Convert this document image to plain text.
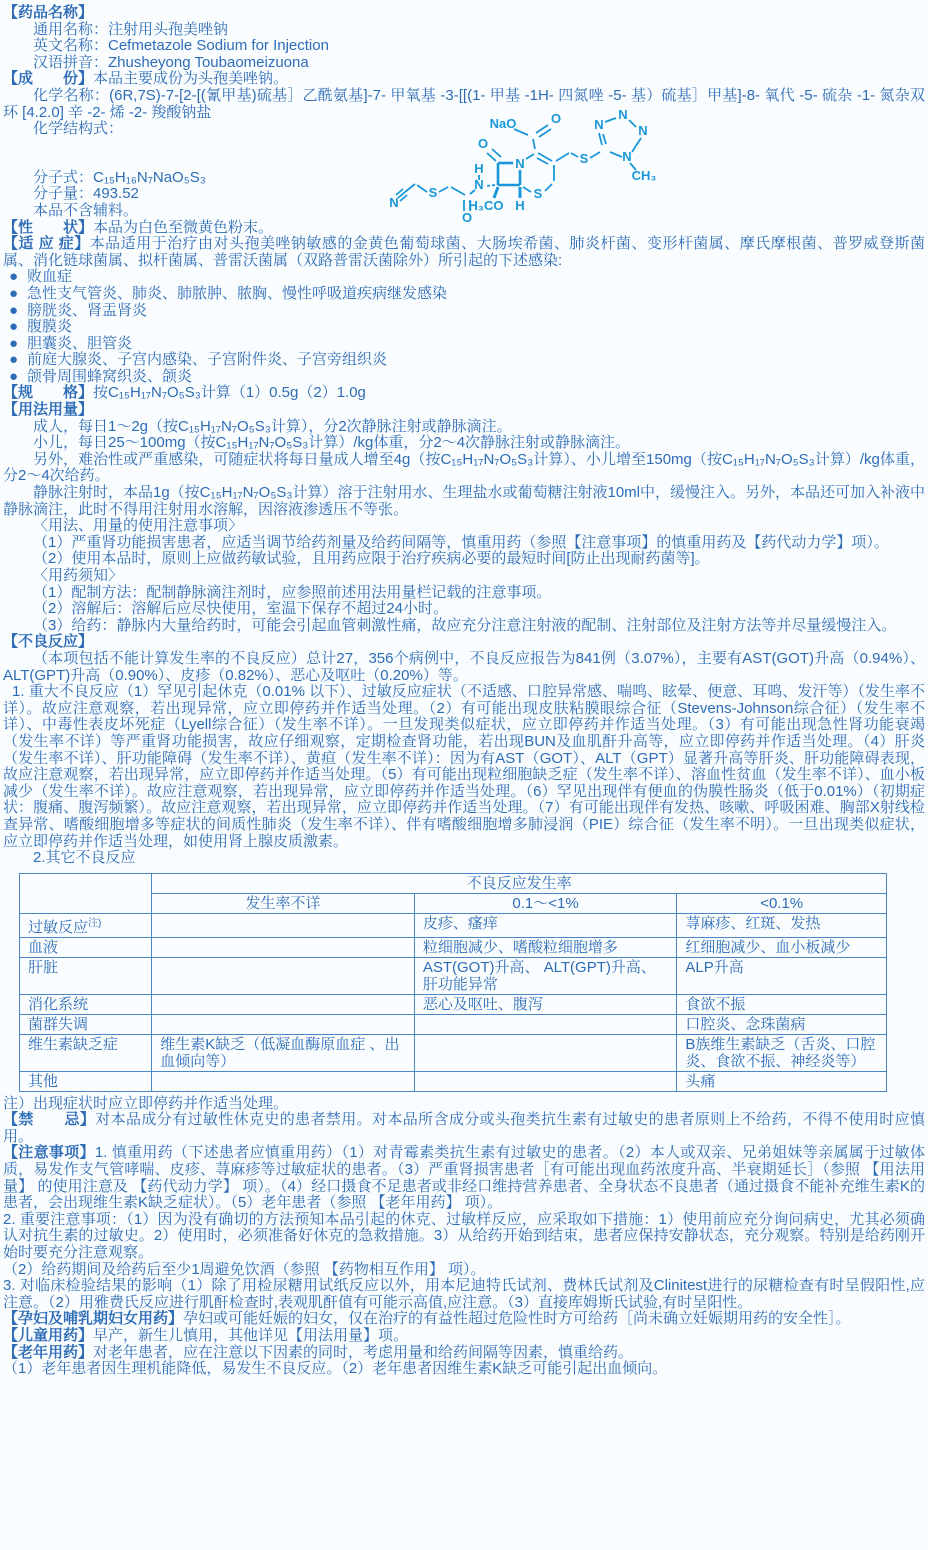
【药品名称】
通用名称：注射用头孢美唑钠
英文名称：Cefmetazole Sodium for Injection
汉语拼音：Zhusheyong Toubaomeizuona
【成　　份】本品主要成份为头孢美唑钠。
化学名称：(6R,7S)-7-[2-[(氰甲基)硫基］乙酰氨基]-7- 甲氧基 -3-[[(1- 甲基 -1H- 四氮唑 -5- 基）硫基］甲基]-8- 氧代 -5- 硫杂 -1- 氮杂双环 [4.2.0] 辛 -2- 烯 -2- 羧酸钠盐
化学结构式：
分子式：C₁₅H₁₆N₇NaO₅S₃
分子量：493.52
本品不含辅料。
NaO	O
O
N
S
H
N
O
S
N	H₃CO H
S
N
N
N
N
CH₃
【性　　状】本品为白色至微黄色粉末。
【适 应 症】本品适用于治疗由对头孢美唑钠敏感的金黄色葡萄球菌、大肠埃希菌、肺炎杆菌、变形杆菌属、摩氏摩根菌、普罗威登斯菌属、消化链球菌属、拟杆菌属、普雷沃菌属（双路普雷沃菌除外）所引起的下述感染:
● 败血症
● 急性支气管炎、肺炎、肺脓肿、脓胸、慢性呼吸道疾病继发感染
● 膀胱炎、肾盂肾炎
● 腹膜炎
● 胆囊炎、胆管炎
● 前庭大腺炎、子宫内感染、子宫附件炎、子宫旁组织炎
● 颌骨周围蜂窝织炎、颌炎
【规　　格】按C₁₅H₁₇N₇O₅S₃计算（1）0.5g（2）1.0g
【用法用量】
成人，每日1～2g（按C₁₅H₁₇N₇O₅S₃计算），分2次静脉注射或静脉滴注。
小儿，每日25～100mg（按C₁₅H₁₇N₇O₅S₃计算）/kg体重，分2～4次静脉注射或静脉滴注。
另外，难治性或严重感染，可随症状将每日量成人增至4g（按C₁₅H₁₇N₇O₅S₃计算）、小儿增至150mg（按C₁₅H₁₇N₇O₅S₃计算）/kg体重，分2～4次给药。
静脉注射时，本品1g（按C₁₅H₁₇N₇O₅S₃计算）溶于注射用水、生理盐水或葡萄糖注射液10ml中，缓慢注入。另外，本品还可加入补液中静脉滴注，此时不得用注射用水溶解，因溶液渗透压不等张。
〈用法、用量的使用注意事项〉
（1）严重肾功能损害患者，应适当调节给药剂量及给药间隔等，慎重用药（参照【注意事项】的慎重用药及【药代动力学】项）。
（2）使用本品时，原则上应做药敏试验，且用药应限于治疗疾病必要的最短时间[防止出现耐药菌等]。
〈用药须知〉
（1）配制方法：配制静脉滴注剂时，应参照前述用法用量栏记载的注意事项。
（2）溶解后：溶解后应尽快使用，室温下保存不超过24小时。
（3）给药：静脉内大量给药时，可能会引起血管刺激性痛，故应充分注意注射液的配制、注射部位及注射方法等并尽量缓慢注入。
【不良反应】
（本项包括不能计算发生率的不良反应）总计27，356个病例中，不良反应报告为841例（3.07%），主要有AST(GOT)升高（0.94%）、ALT(GPT)升高（0.90%）、皮疹（0.82%）、恶心及呕吐（0.20%）等。
1. 重大不良反应（1）罕见引起休克（0.01% 以下）、过敏反应症状（不适感、口腔异常感、喘鸣、眩晕、便意、耳鸣、发汗等）（发生率不详）。故应注意观察，若出现异常，应立即停药并作适当处理。（2）有可能出现皮肤粘膜眼综合征（Stevens-Johnson综合征）（发生率不详）、中毒性表皮坏死症（Lyell综合征）（发生率不详）。一旦发现类似症状，应立即停药并作适当处理。（3）有可能出现急性肾功能衰竭（发生率不详）等严重肾功能损害，故应仔细观察，定期检查肾功能，若出现BUN及血肌酐升高等，应立即停药并作适当处理。（4）肝炎（发生率不详）、肝功能障碍（发生率不详）、黄疸（发生率不详）：因为有AST（GOT）、ALT（GPT）显著升高等肝炎、肝功能障碍表现，故应注意观察，若出现异常，应立即停药并作适当处理。（5）有可能出现粒细胞缺乏症（发生率不详）、溶血性贫血（发生率不详）、血小板减少（发生率不详）。故应注意观察，若出现异常，应立即停药并作适当处理。（6）罕见出现伴有便血的伪膜性肠炎（低于0.01%）（初期症状：腹痛、腹泻频繁）。故应注意观察，若出现异常，应立即停药并作适当处理。（7）有可能出现伴有发热、咳嗽、呼吸困难、胸部X射线检查异常、嗜酸细胞增多等症状的间质性肺炎（发生率不详）、伴有嗜酸细胞增多肺浸润（PIE）综合征（发生率不明）。一旦出现类似症状，应立即停药并作适当处理，如使用肾上腺皮质激素。
2.其它不良反应
	不良反应发生率		
	发生率不详	0.1～<1%	<0.1%
过敏反应$^{注)}$		皮疹、瘙痒	荨麻疹、红斑、发热
血液		粒细胞减少、嗜酸粒细胞增多	红细胞减少、血小板减少
肝脏		AST(GOT)升高、 ALT(GPT)升高、肝功能异常	ALP升高
消化系统		恶心及呕吐、腹泻	食欲不振
菌群失调			口腔炎、念珠菌病
维生素缺乏症	维生素K缺乏（低凝血酶原血症 、出血倾向等）		B族维生素缺乏（舌炎、口腔炎、食欲不振、神经炎等）
其他			头痛
注）出现症状时应立即停药并作适当处理。
【禁　　忌】对本品成分有过敏性休克史的患者禁用。对本品所含成分或头孢类抗生素有过敏史的患者原则上不给药，不得不使用时应慎用。
【注意事项】1. 慎重用药（下述患者应慎重用药）（1）对青霉素类抗生素有过敏史的患者。（2）本人或双亲、兄弟姐妹等亲属属于过敏体质，易发作支气管哮喘、皮疹、荨麻疹等过敏症状的患者。（3）严重肾损害患者［有可能出现血药浓度升高、半衰期延长］（参照 【用法用量】 的使用注意及 【药代动力学】 项）。（4）经口摄食不足患者或非经口维持营养患者、全身状态不良患者（通过摄食不能补充维生素K的患者，会出现维生素K缺乏症状）。（5）老年患者（参照 【老年用药】 项）。
2. 重要注意事项：（1）因为没有确切的方法预知本品引起的休克、过敏样反应，应采取如下措施：1）使用前应充分询问病史，尤其必须确认对抗生素的过敏史。2）使用时，必须准备好休克的急救措施。3）从给药开始到结束，患者应保持安静状态，充分观察。特别是给药刚开始时要充分注意观察。
（2）给药期间及给药后至少1周避免饮酒（参照 【药物相互作用】 项）。
3. 对临床检验结果的影响（1）除了用检尿糖用试纸反应以外，用本尼迪特氏试剂、费林氏试剂及Clinitest进行的尿糖检查有时呈假阳性,应注意。（2）用雅费氏反应进行肌酐检查时,表观肌酐值有可能示高值,应注意。（3）直接库姆斯氏试验,有时呈阳性。
【孕妇及哺乳期妇女用药】孕妇或可能妊娠的妇女，仅在治疗的有益性超过危险性时方可给药［尚未确立妊娠期用药的安全性］。
【儿童用药】早产，新生儿慎用，其他详见【用法用量】项。
【老年用药】对老年患者，应在注意以下因素的同时，考虑用量和给药间隔等因素，慎重给药。
（1）老年患者因生理机能降低，易发生不良反应。（2）老年患者因维生素K缺乏可能引起出血倾向。
